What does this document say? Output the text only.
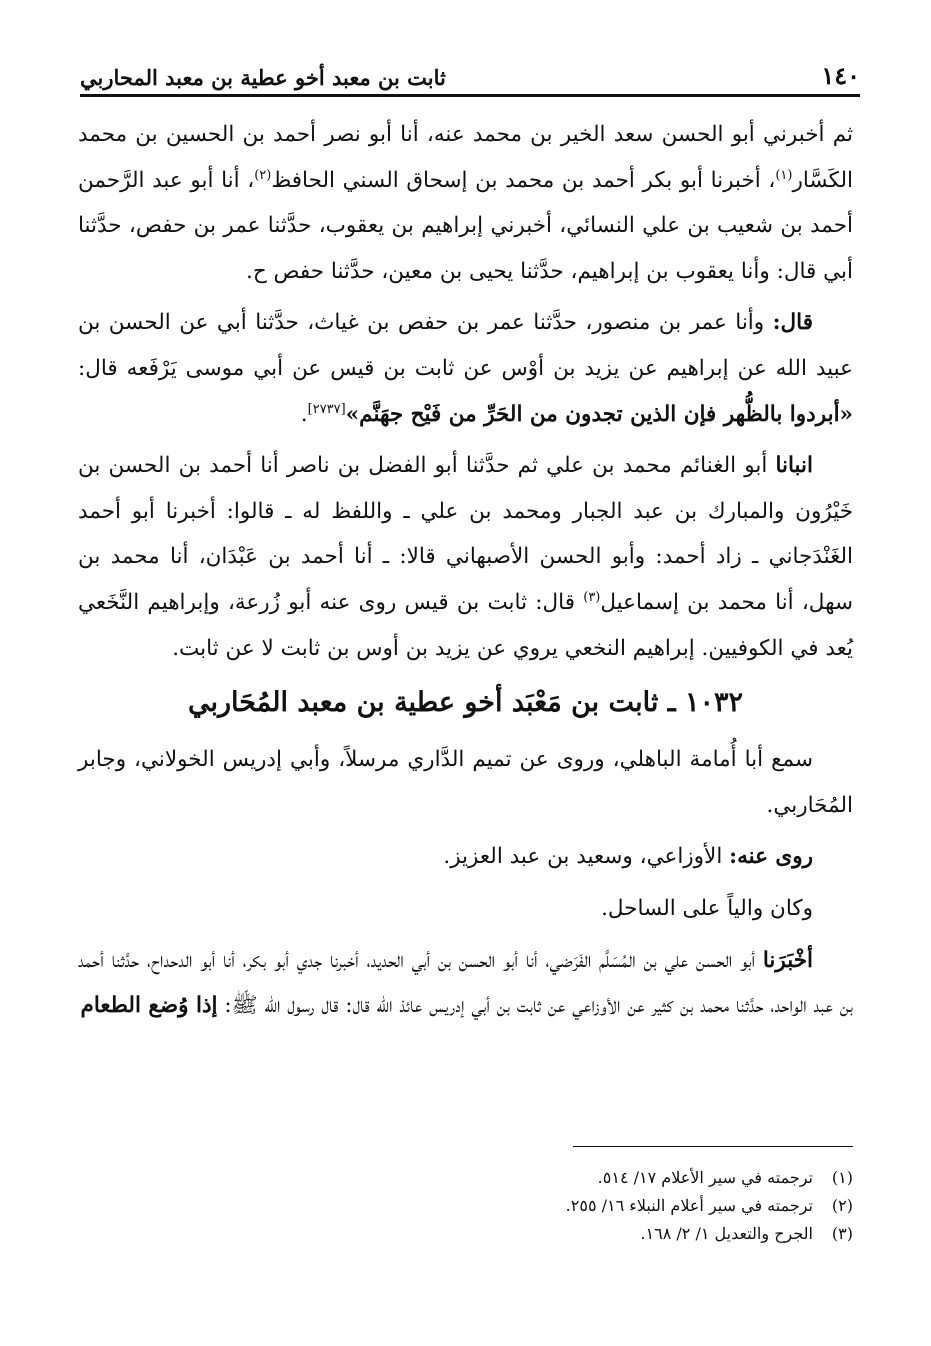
١٤٠
ثابت بن معبد أخو عطية بن معبد المحاربي

ثم أخبرني أبو الحسن سعد الخير بن محمد عنه، أنا أبو نصر أحمد بن الحسين بن محمد الكَسَّار$^{(١)}$، أخبرنا أبو بكر أحمد بن محمد بن إسحاق السني الحافظ$^{(٢)}$، أنا أبو عبد الرَّحمن أحمد بن شعيب بن علي النسائي، أخبرني إبراهيم بن يعقوب، حدَّثنا عمر بن حفص، حدَّثنا أبي قال: وأنا يعقوب بن إبراهيم، حدَّثنا يحيى بن معين، حدَّثنا حفص ح.

قال: وأنا عمر بن منصور، حدَّثنا عمر بن حفص بن غياث، حدَّثنا أبي عن الحسن بن عبيد الله عن إبراهيم عن يزيد بن أوْس عن ثابت بن قيس عن أبي موسى يَرْفَعه قال: «أبردوا بالظُّهر فإن الذين تجدون من الحَرِّ من فَيْح جهَنَّم»[٢٧٣٧].

انبانا أبو الغنائم محمد بن علي ثم حدَّثنا أبو الفضل بن ناصر أنا أحمد بن الحسن بن خَيْرُون والمبارك بن عبد الجبار ومحمد بن علي ـ واللفظ له ـ قالوا: أخبرنا أبو أحمد الغَنْدَجاني ـ زاد أحمد: وأبو الحسن الأصبهاني قالا: ـ أنا أحمد بن عَبْدَان، أنا محمد بن سهل، أنا محمد بن إسماعيل$^{(٣)}$ قال: ثابت بن قيس روى عنه أبو زُرعة، وإبراهيم النَّخَعي يُعد في الكوفيين. إبراهيم النخعي يروي عن يزيد بن أوس بن ثابت لا عن ثابت.

١٠٣٢ ـ ثابت بن مَعْبَد أخو عطية بن معبد المُحَاربي

سمع أبا أُمامة الباهلي، وروى عن تميم الدَّاري مرسلاً، وأبي إدريس الخولاني، وجابر المُحَاربي.

روى عنه: الأوزاعي، وسعيد بن عبد العزيز.

وكان والياً على الساحل.

أخْبَرَنا أبو الحسن علي بن المُسَلَّم الفَرَضي، أنا أبو الحسن بن أبي الحديد، أخبرنا جدي أبو بكر، أنا أبو الدحداح، حدَّثنا أحمد بن عبد الواحد، حدَّثنا محمد بن كثير عن الأوزاعي عن ثابت بن أبي إدريس عائذ الله قال: قال رسول الله ﷺ: إذا وُضع الطعام

(١)
ترجمته في سير الأعلام ١٧/ ٥١٤.
(٢)
ترجمته في سير أعلام النبلاء ١٦/ ٢٥٥.
(٣)
الجرح والتعديل ١/ ٢/ ١٦٨.
